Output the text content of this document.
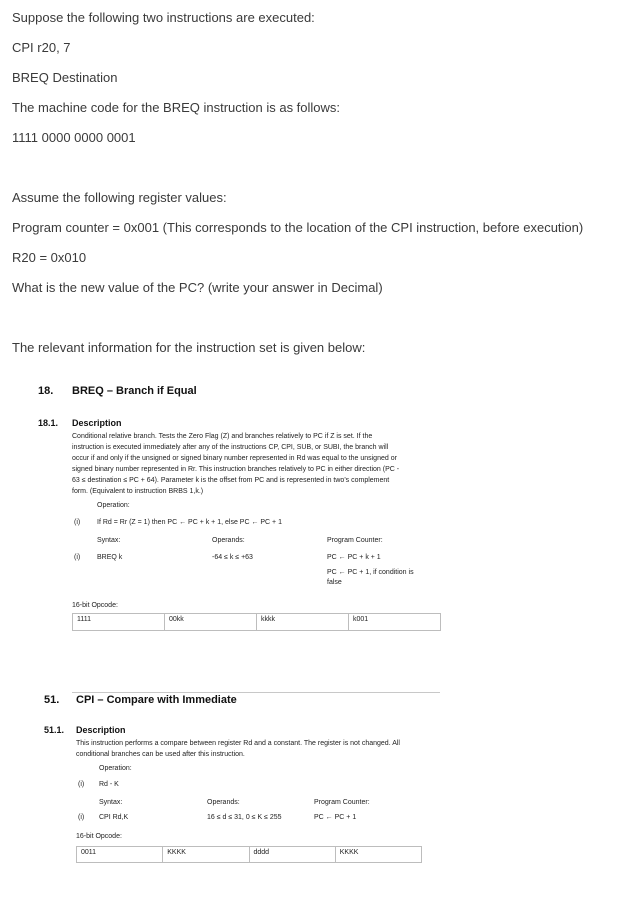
Suppose the following two instructions are executed:
CPI r20, 7
BREQ Destination
The machine code for the BREQ instruction is as follows:
1111 0000 0000 0001
Assume the following register values:
Program counter = 0x001 (This corresponds to the location of the CPI instruction, before execution)
R20 = 0x010
What is the new value of the PC? (write your answer in Decimal)
The relevant information for the instruction set is given below:
18. BREQ – Branch if Equal
18.1. Description
Conditional relative branch. Tests the Zero Flag (Z) and branches relatively to PC if Z is set. If the
instruction is executed immediately after any of the instructions CP, CPI, SUB, or SUBI, the branch will
occur if and only if the unsigned or signed binary number represented in Rd was equal to the unsigned or
signed binary number represented in Rr. This instruction branches relatively to PC in either direction (PC -
63 ≤ destination ≤ PC + 64). Parameter k is the offset from PC and is represented in two's complement
form. (Equivalent to instruction BRBS 1,k.)
Operation:
(i) If Rd = Rr (Z = 1) then PC ← PC + k + 1, else PC ← PC + 1
Syntax:	Operands:	Program Counter:
(i) BREQ k	-64 ≤ k ≤ +63	PC ← PC + k + 1
PC ← PC + 1, if condition is
false
16-bit Opcode:
1111	00kk	kkkk	k001
51. CPI – Compare with Immediate
51.1. Description
This instruction performs a compare between register Rd and a constant. The register is not changed. All
conditional branches can be used after this instruction.
Operation:
(i) Rd - K
Syntax:	Operands:	Program Counter:
(i) CPI Rd,K	16 ≤ d ≤ 31, 0 ≤ K ≤ 255	PC ← PC + 1
16-bit Opcode:
0011	KKKK	dddd	KKKK
